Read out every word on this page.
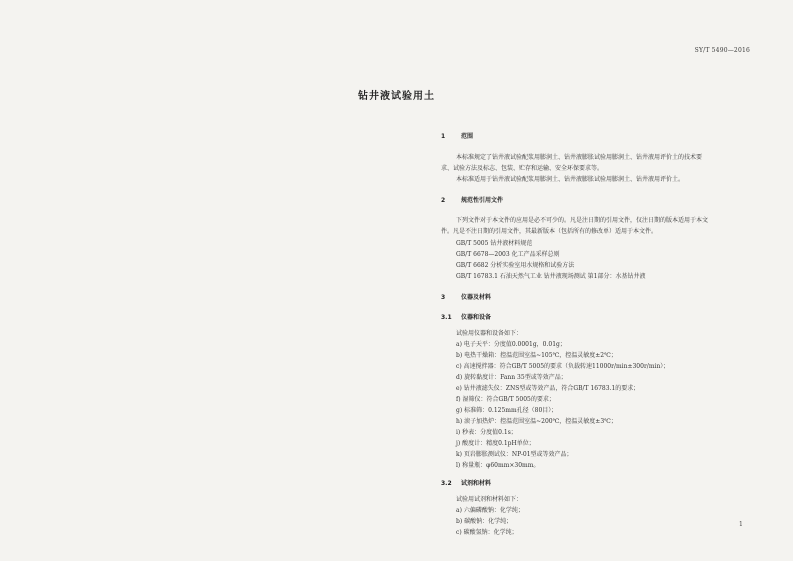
SY/T 5490—2016
钻井液试验用土
1	范围
本标准规定了钻井液试验配浆用膨润土、钻井液膨胀试验用膨润土、钻井液用评价土的技术要
求、试验方法及标志、包装、贮存和运输、安全环保要求等。
本标准适用于钻井液试验配浆用膨润土、钻井液膨胀试验用膨润土、钻井液用评价土。
2	规范性引用文件
下列文件对于本文件的应用是必不可少的。凡是注日期的引用文件，仅注日期的版本适用于本文
件。凡是不注日期的引用文件，其最新版本（包括所有的修改单）适用于本文件。
GB/T 5005 钻井液材料规范
GB/T 6678—2003 化工产品采样总则
GB/T 6682 分析实验室用水规格和试验方法
GB/T 16783.1 石油天然气工业 钻井液现场测试 第1部分：水基钻井液
3	仪器及材料
3.1 仪器和设备
试验用仪器和设备如下：
a) 电子天平：分度值0.0001g，0.01g；
b) 电热干燥箱：控温范围室温~105℃，控温灵敏度±2℃；
c) 高速搅拌器：符合GB/T 5005的要求（负载转速11000r/min±300r/min）；
d) 旋转黏度计：Fann 35型或等效产品；
e) 钻井液滤失仪：ZNS型或等效产品，符合GB/T 16783.1的要求；
f) 湿筛仪：符合GB/T 5005的要求；
g) 标准筛：0.125mm孔径（80目）；
h) 滚子加热炉：控温范围室温~200℃，控温灵敏度±3℃；
i) 秒表：分度值0.1s；
j) 酸度计：精度0.1pH单位；
k) 页岩膨胀测试仪：NP-01型或等效产品；
l) 称量瓶：φ60mm×30mm。
3.2 试剂和材料
试验用试剂和材料如下：
a) 六偏磷酸钠：化学纯；
b) 碳酸钠：化学纯；
c) 碳酸氢钠：化学纯；
1
